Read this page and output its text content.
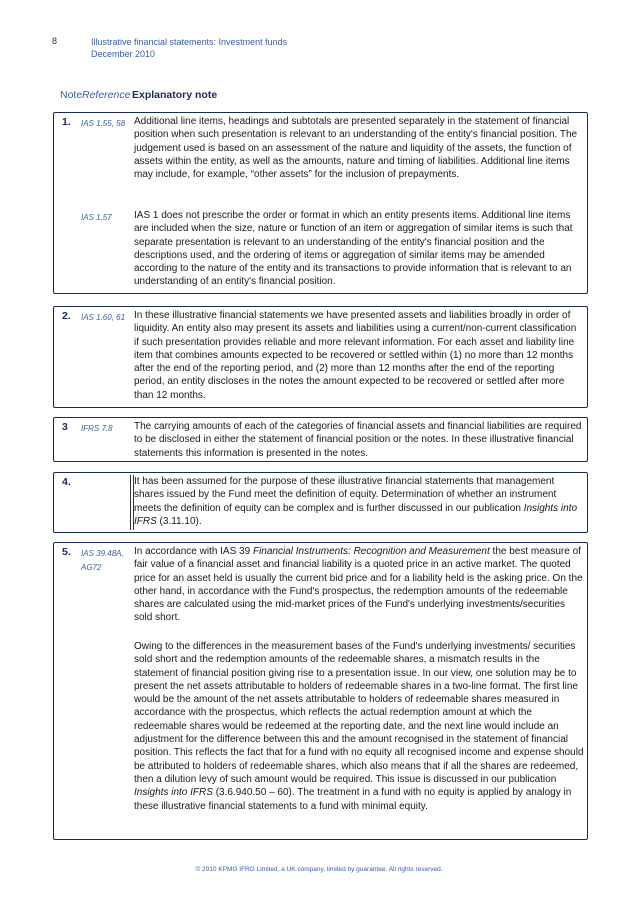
8	Illustrative financial statements: Investment funds
December 2010
Note Reference Explanatory note
1. IAS 1.55, 58 Additional line items, headings and subtotals are presented separately in the statement of financial position when such presentation is relevant to an understanding of the entity's financial position. The judgement used is based on an assessment of the nature and liquidity of the assets, the function of assets within the entity, as well as the amounts, nature and timing of liabilities. Additional line items may include, for example, “other assets” for the inclusion of prepayments.
IAS 1.57 IAS 1 does not prescribe the order or format in which an entity presents items. Additional line items are included when the size, nature or function of an item or aggregation of similar items is such that separate presentation is relevant to an understanding of the entity's financial position and the descriptions used, and the ordering of items or aggregation of similar items may be amended according to the nature of the entity and its transactions to provide information that is relevant to an understanding of an entity's financial position.
2. IAS 1.60, 61 In these illustrative financial statements we have presented assets and liabilities broadly in order of liquidity. An entity also may present its assets and liabilities using a current/non-current classification if such presentation provides reliable and more relevant information. For each asset and liability line item that combines amounts expected to be recovered or settled within (1) no more than 12 months after the end of the reporting period, and (2) more than 12 months after the end of the reporting period, an entity discloses in the notes the amount expected to be recovered or settled after more than 12 months.
3 IFRS 7.8 The carrying amounts of each of the categories of financial assets and financial liabilities are required to be disclosed in either the statement of financial position or the notes. In these illustrative financial statements this information is presented in the notes.
4.	It has been assumed for the purpose of these illustrative financial statements that management shares issued by the Fund meet the definition of equity. Determination of whether an instrument meets the definition of equity can be complex and is further discussed in our publication Insights into IFRS (3.11.10).
5. IAS 39.48A,
AG72

In accordance with IAS 39 Financial Instruments: Recognition and Measurement the best measure of fair value of a financial asset and financial liability is a quoted price in an active market. The quoted price for an asset held is usually the current bid price and for a liability held is the asking price. On the other hand, in accordance with the Fund's prospectus, the redemption amounts of the redeemable shares are calculated using the mid-market prices of the Fund's underlying investments/securities sold short.

Owing to the differences in the measurement bases of the Fund's underlying investments/ securities sold short and the redemption amounts of the redeemable shares, a mismatch results in the statement of financial position giving rise to a presentation issue. In our view, one solution may be to present the net assets attributable to holders of redeemable shares in a two-line format. The first line would be the amount of the net assets attributable to holders of redeemable shares measured in accordance with the prospectus, which reflects the actual redemption amount at which the redeemable shares would be redeemed at the reporting date, and the next line would include an adjustment for the difference between this and the amount recognised in the statement of financial position. This reflects the fact that for a fund with no equity all recognised income and expense should be attributed to holders of redeemable shares, which also means that if all the shares are redeemed, then a dilution levy of such amount would be required. This issue is discussed in our publication Insights into IFRS (3.6.940.50 – 60). The treatment in a fund with no equity is applied by analogy in these illustrative financial statements to a fund with minimal equity.

© 2010 KPMG IFRG Limited, a UK company, limited by guarantee. All rights reserved.
